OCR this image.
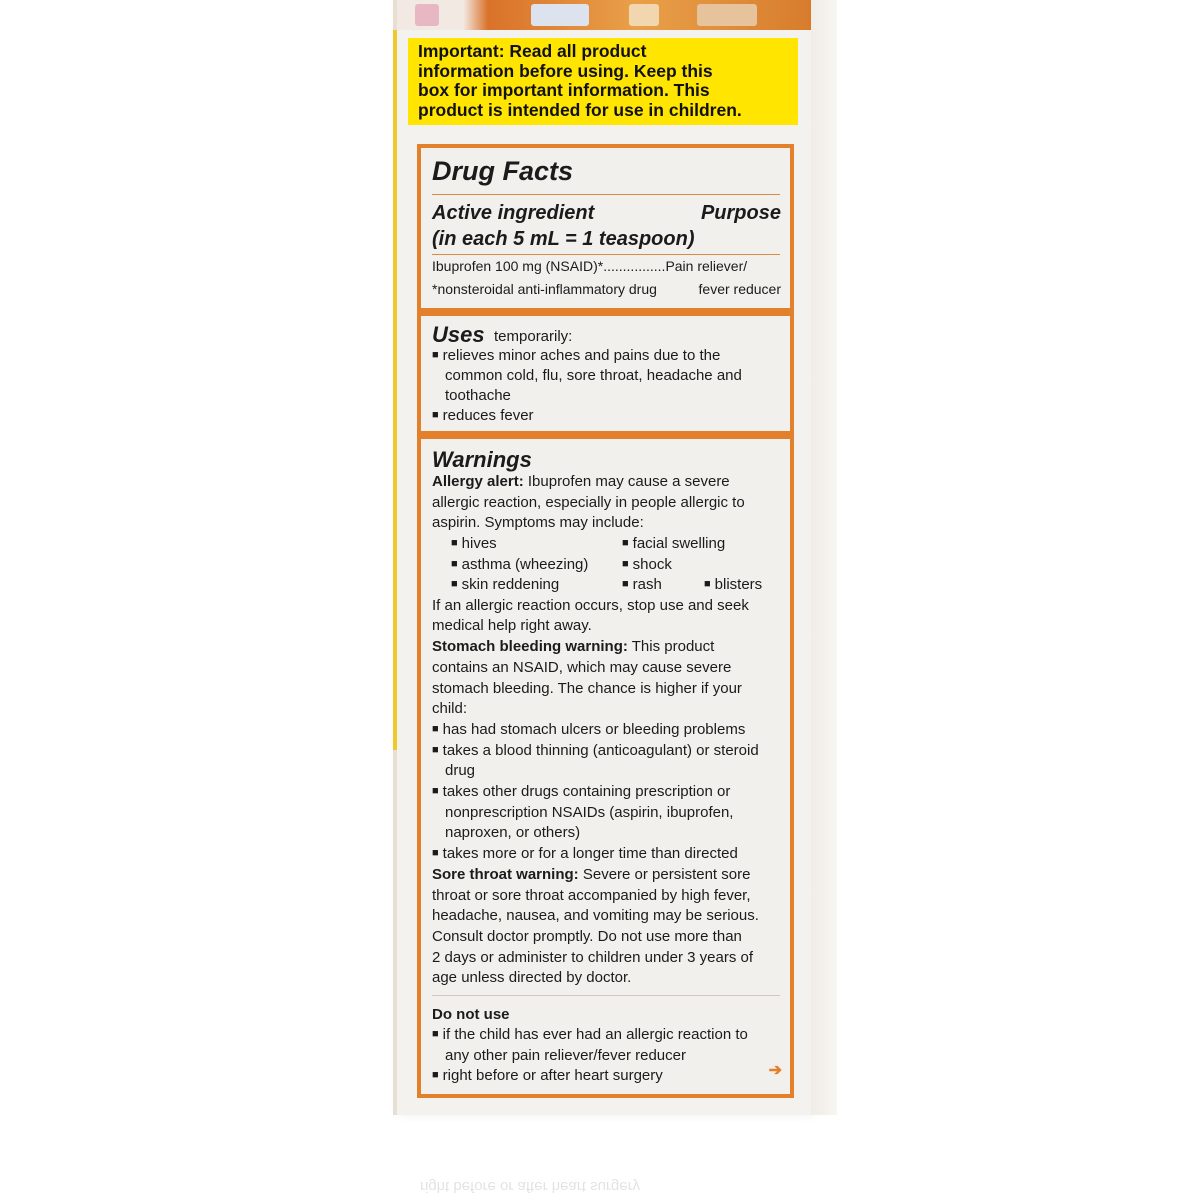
Important: Read all product
information before using. Keep this
box for important information. This
product is intended for use in children.

Drug Facts
Active ingredient	Purpose
(in each 5 mL = 1 teaspoon)
Ibuprofen 100 mg (NSAID)*................Pain reliever/
*nonsteroidal anti-inflammatory drug	fever reducer
Uses temporarily:
■ relieves minor aches and pains due to the
common cold, flu, sore throat, headache and
toothache
■ reduces fever
Warnings
Allergy alert: Ibuprofen may cause a severe
allergic reaction, especially in people allergic to
aspirin. Symptoms may include:
■ hives	■ facial swelling
■ asthma (wheezing)	■ shock
■ skin reddening	■ rash	■ blisters
If an allergic reaction occurs, stop use and seek
medical help right away.
Stomach bleeding warning: This product
contains an NSAID, which may cause severe
stomach bleeding. The chance is higher if your
child:
■ has had stomach ulcers or bleeding problems
■ takes a blood thinning (anticoagulant) or steroid
drug
■ takes other drugs containing prescription or
nonprescription NSAIDs (aspirin, ibuprofen,
naproxen, or others)
■ takes more or for a longer time than directed
Sore throat warning: Severe or persistent sore
throat or sore throat accompanied by high fever,
headache, nausea, and vomiting may be serious.
Consult doctor promptly. Do not use more than
2 days or administer to children under 3 years of
age unless directed by doctor.
Do not use
■ if the child has ever had an allergic reaction to
any other pain reliever/fever reducer
■ right before or after heart surgery	➔
right before or after heart surgery
